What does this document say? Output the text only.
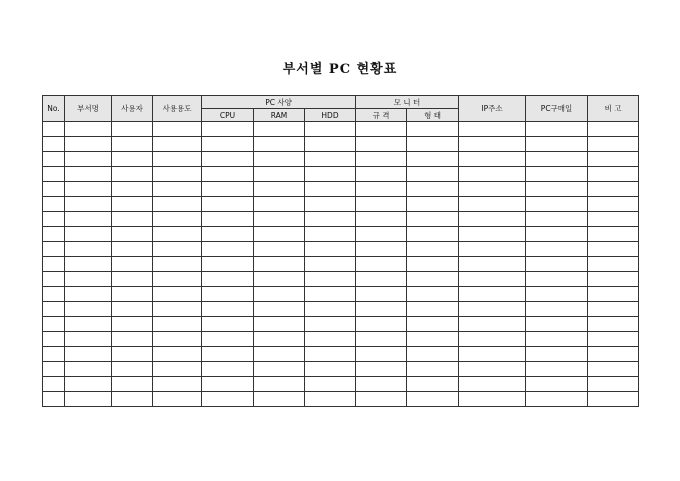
부서별 PC 현황표
No.	부서명	사용자	사용용도	PC 사양			모 니 터		IP주소	PC구매일	비 고
				CPU	RAM	HDD	규 격	형 태			
